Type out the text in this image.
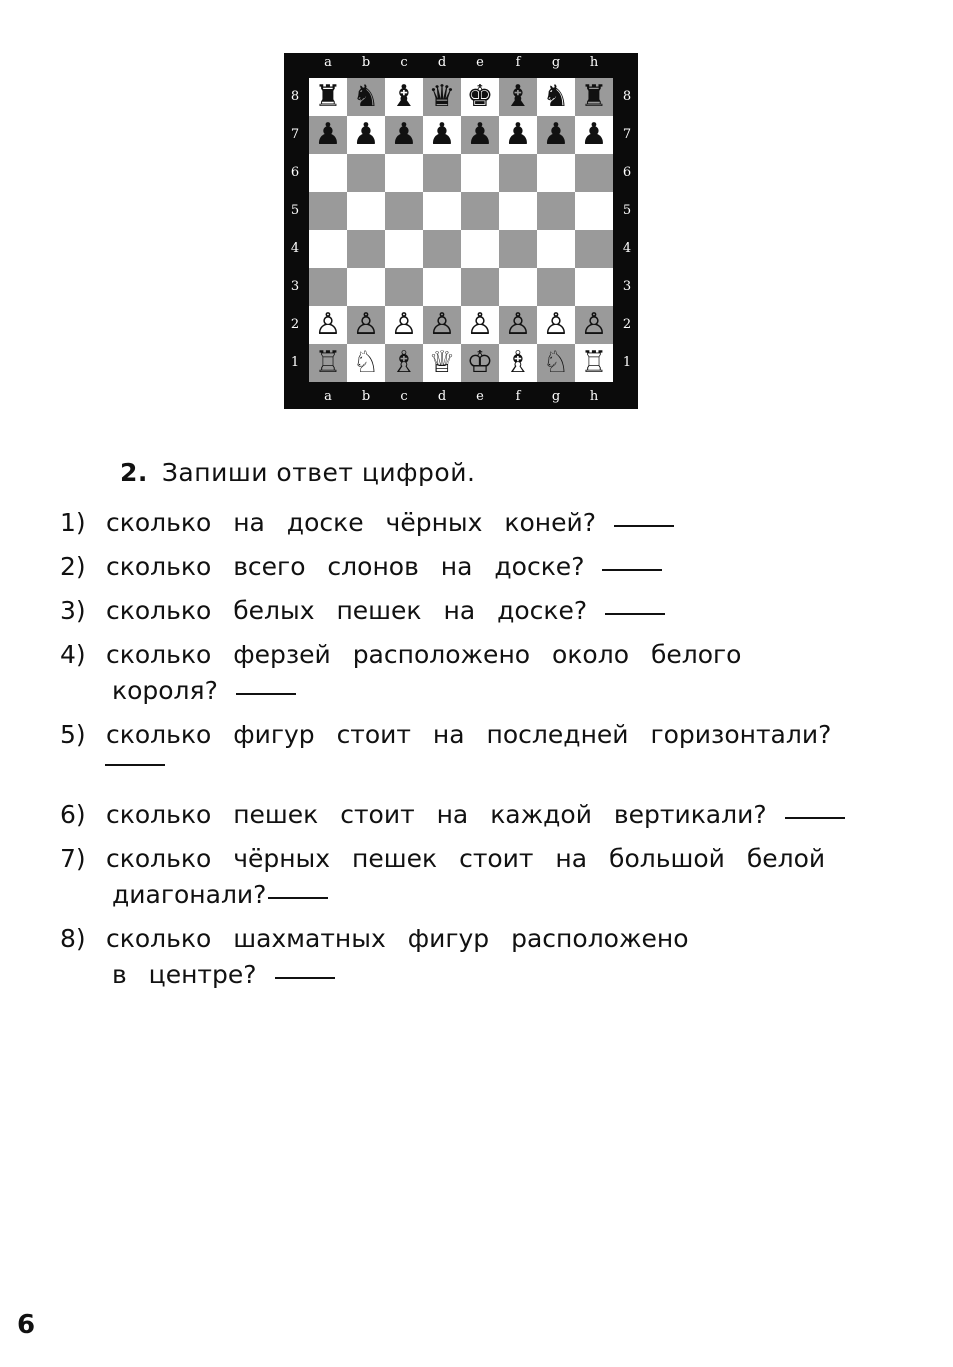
a	b	c	d	e	f	g	h
a	b	c	d	e	f	g	h
8
7
6
5
4
3
2
1
8
7
6
5
4
3
2
1
♜ ♞ ♝ ♛ ♚ ♝ ♞ ♜
♟ ♟ ♟ ♟ ♟ ♟ ♟ ♟
♙ ♙ ♙ ♙ ♙ ♙ ♙ ♙
♖ ♘ ♗ ♕ ♔ ♗ ♘ ♖
2. Запиши ответ цифрой.
1) сколько на доске чёрных коней?
2) сколько всего слонов на доске?
3) сколько белых пешек на доске?
4) сколько ферзей расположено около белого
короля?
5) сколько фигур стоит на последней горизонтали?
6) сколько пешек стоит на каждой вертикали?
7) сколько чёрных пешек стоит на большой белой
диагонали?
8) сколько шахматных фигур расположено
в центре?
6
